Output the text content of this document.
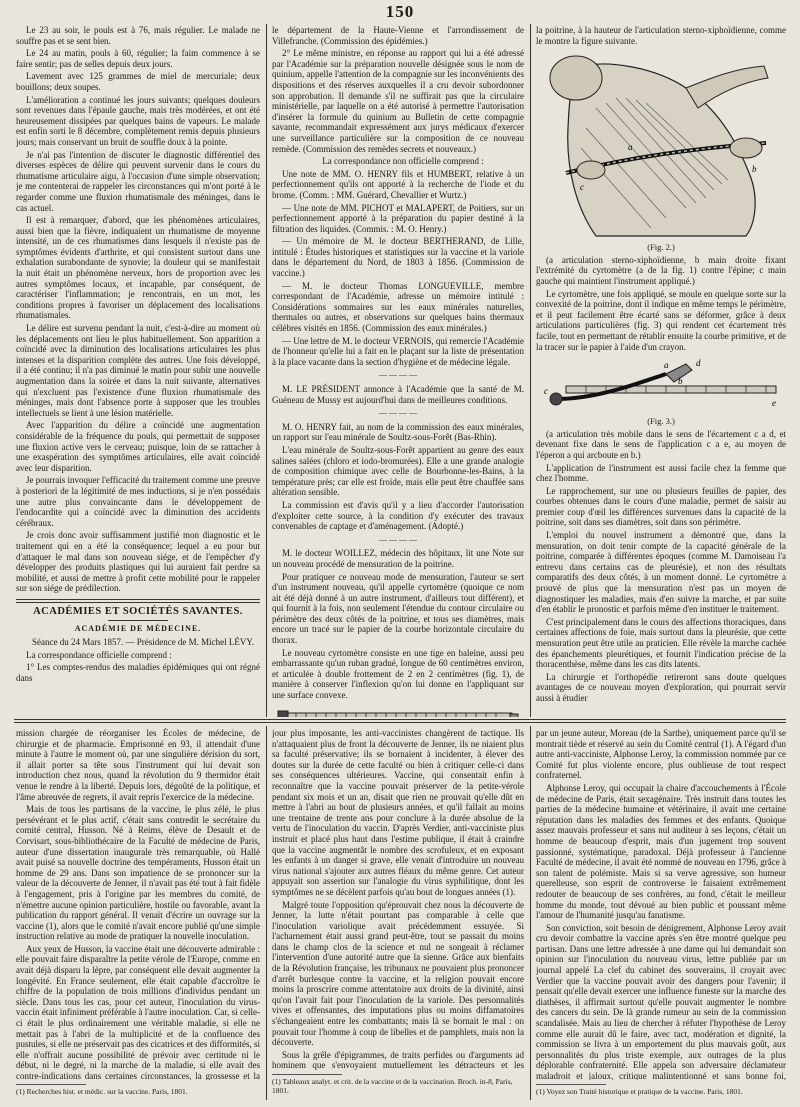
150

Le 23 au soir, le pouls est à 76, mais régulier. Le malade ne souffre pas et se sent bien.

Le 24 au matin, pouls à 60, régulier; la faim commence à se faire sentir; pas de selles depuis deux jours.

Lavement avec 125 grammes de miel de mercuriale; deux bouillons; deux soupes.

L'amélioration a continué les jours suivants; quelques douleurs sont revenues dans l'épaule gauche, mais très modérées, et ont été heureusement dissipées par quelques bains de vapeurs. Le malade est enfin sorti le 8 décembre, complètement remis depuis plusieurs jours; mais conservant un bruit de souffle doux à la pointe.

Je n'ai pas l'intention de discuter le diagnostic différentiel des diverses espèces de délire qui peuvent survenir dans le cours du rhumatisme articulaire aigu, à l'occasion d'une simple observation; je me contenterai de rappeler les circonstances qui m'ont porté à le regarder comme une fluxion rhumatismale des méninges, dans le cas actuel.

Il est à remarquer, d'abord, que les phénomènes articulaires, aussi bien que la fièvre, indiquaient un rhumatisme de moyenne intensité, un de ces rhumatismes dans lesquels il n'existe pas de symptômes évidents d'arthrite, et qui consistent surtout dans une exhalation surabondante de synovie; la douleur qui se manifestait la nuit était un phénomène nerveux, hors de proportion avec les autres symptômes locaux, et incapable, par conséquent, de caractériser l'inflammation; je rencontrais, en un mot, les conditions propres à favoriser un déplacement des localisations rhumatismales.

Le délire est survenu pendant la nuit, c'est-à-dire au moment où les déplacements ont lieu le plus habituellement. Son apparition a coïncidé avec la diminution des localisations articulaires les plus intenses et la disparition complète des autres. Une fois développé, il a été continu; il n'a pas diminué le matin pour subir une nouvelle augmentation dans la soirée et dans la nuit suivante, alternatives qui n'excluent pas l'existence d'une fluxion rhumatismale des méninges, mais dont l'absence porte à supposer que les troubles intellectuels se lient à une lésion matérielle.

Avec l'apparition du délire a coïncidé une augmentation considérable de la fréquence du pouls, qui permettait de supposer une fluxion active vers le cerveau; puisque, loin de se rattacher à une exaspération des symptômes articulaires, elle avait coïncidé avec leur disparition.

Je pourrais invoquer l'efficacité du traitement comme une preuve à posteriori de la légitimité de mes inductions, si je n'en possédais une autre plus convaincante dans le développement de l'endocardite qui a coïncidé avec la diminution des accidents cérébraux.

Je crois donc avoir suffisamment justifié mon diagnostic et le traitement qui en a été la conséquence; lequel a eu pour but d'attaquer le mal dans son nouveau siége, et de l'empêcher d'y développer des produits plastiques qui lui auraient fait perdre sa mobilité, et aussi de mettre à profit cette mobilité pour le rappeler sur son siége de prédilection.

ACADÉMIES ET SOCIÉTÉS SAVANTES.
ACADÉMIE DE MÉDECINE.

Séance du 24 Mars 1857. — Présidence de M. Michel LÉVY.

La correspondance officielle comprend :

1° Les comptes-rendus des maladies épidémiques qui ont régné dans

le département de la Haute-Vienne et l'arrondissement de Villefranche. (Commission des épidémies.)

2° Le même ministre, en réponse au rapport qui lui a été adressé par l'Académie sur la préparation nouvelle désignée sous le nom de quinium, appelle l'attention de la compagnie sur les inconvénients des dispositions et des réserves auxquelles il a cru devoir subordonner son approbation. Il demande s'il ne suffirait pas que la circulaire ministérielle, par laquelle on a été autorisé à permettre l'autorisation d'insérer la formule du quinium au Bulletin de cette compagnie savante, recommandait expressément aux jurys médicaux d'exercer une surveillance particulière sur la composition de ce nouveau remède. (Commission des remèdes secrets et nouveaux.)

La correspondance non officielle comprend :

Une note de MM. O. HENRY fils et HUMBERT, relative à un perfectionnement qu'ils ont apporté à la recherche de l'iode et du brome. (Comm. : MM. Guérard, Chevallier et Wurtz.)

— Une note de MM. PICHOT et MALAPERT, de Poitiers, sur un perfectionnement apporté à la préparation du papier destiné à la filtration des liquides. (Commis. : M. O. Henry.)

— Un mémoire de M. le docteur BERTHERAND, de Lille, intitulé : Études historiques et statistiques sur la vaccine et la variole dans le département du Nord, de 1803 à 1856. (Commission de vaccine.)

— M. le docteur Thomas LONGUEVILLE, membre correspondant de l'Académie, adresse un mémoire intitulé : Considérations sommaires sur les eaux minérales naturelles, thermales ou autres, et observations sur quelques bains thermaux célèbres visités en 1856. (Commission des eaux minérales.)

— Une lettre de M. le docteur VERNOIS, qui remercie l'Académie de l'honneur qu'elle lui a fait en le plaçant sur la liste de présentation à la place vacante dans la section d'hygiène et de médecine légale.

— — — —

M. LE PRÉSIDENT annonce à l'Académie que la santé de M. Guéneau de Mussy est aujourd'hui dans de meilleures conditions.

— — — —

M. O. HENRY fait, au nom de la commission des eaux minérales, un rapport sur l'eau minérale de Soultz-sous-Forêt (Bas-Rhin).

L'eau minérale de Soultz-sous-Forêt appartient au genre des eaux salines salées (chloro et iodo-bromurées). Elle a une grande analogie de composition chimique avec celle de Bourbonne-les-Bains, à la température près; car elle est froide, mais elle peut être chauffée sans altération sensible.

La commission est d'avis qu'il y a lieu d'accorder l'autorisation d'exploiter cette source, à la condition d'y exécuter des travaux convenables de captage et d'aménagement. (Adopté.)

— — — —

M. le docteur WOILLEZ, médecin des hôpitaux, lit une Note sur un nouveau procédé de mensuration de la poitrine.

Pour pratiquer ce nouveau mode de mensuration, l'auteur se sert d'un instrument nouveau, qu'il appelle cyrtomètre (quoique ce nom ait été déjà donné à un autre instrument, d'ailleurs tout différent), et qui fournit à la fois, non seulement l'étendue du contour circulaire ou périmètre des deux côtés de la poitrine, et tous ses diamètres, mais encore un tracé sur le papier de la courbe horizontale circulaire du thorax.

Le nouveau cyrtomètre consiste en une tige en baleine, aussi peu embarrassante qu'un ruban gradué, longue de 60 centimètres environ, et articulée à double frottement de 2 en 2 centimètres (fig. 1), de manière à conserver l'inflexion qu'on lui donne en l'appliquant sur une surface convexe.

la poitrine, à la hauteur de l'articulation sterno-xiphoïdienne, comme le montre la figure suivante.

a
b
c
(Fig. 2.)

(a articulation sterno-xiphoïdienne, b main droite fixant l'extrémité du cyrtomètre (a de la fig. 1) contre l'épine; c main gauche qui maintient l'instrument appliqué.)

Le cyrtomètre, une fois appliqué, se moule en quelque sorte sur la convexité de la poitrine, dont il indique en même temps le périmètre, et il peut facilement être écarté sans se déformer, grâce à deux articulations particulières (fig. 3) qui rendent cet écartement très facile, tout en permettant de rétablir ensuite la courbe primitive, et de la tracer sur le papier à l'aide d'un crayon.

c
a	d
b
e
(Fig. 3.)

(a articulation très mobile dans le sens de l'écartement c a d, et devenant fixe dans le sens de l'application c a e, au moyen de l'éperon a qui arcboute en b.)

L'application de l'instrument est aussi facile chez la femme que chez l'homme.

Le rapprochement, sur une ou plusieurs feuilles de papier, des courbes obtenues dans le cours d'une maladie, permet de saisir au premier coup d'œil les différences survenues dans la capacité de la poitrine, soit dans ses diamètres, soit dans son périmètre.

L'emploi du nouvel instrument a démontré que, dans la mensuration, on doit tenir compte de la capacité générale de la poitrine, comparée à différentes époques (comme M. Damoiseau l'a entrevu dans certains cas de pleurésie), et non des résultats comparatifs des deux côtés, à un moment donné. Le cyrtomètre a prouvé de plus que la mensuration n'est pas un moyen de diagnostiquer les maladies, mais d'en suivre la marche, et par suite d'en établir le pronostic et parfois même d'en instituer le traitement.

C'est principalement dans le cours des affections thoraciques, dans certaines affections de foie, mais surtout dans la pleurésie, que cette mensuration peut être utile au praticien. Elle révèle la marche cachée des épanchements pleurétiques, et fournit l'indication précise de la thoracenthèse, même dans les cas dits latents.

La chirurgie et l'orthopédie retireront sans doute quelques avantages de ce nouveau moyen d'exploration, qui pourrait servir aussi à étudier

mission chargée de réorganiser les Écoles de médecine, de chirurgie et de pharmacie. Emprisonné en 93, il attendait d'une minute à l'autre le moment où, par une singulière dérision du sort, il allait porter sa tête sous l'instrument qui lui devait son introduction chez nous, quand la révolution du 9 thermidor était venue le rendre à la liberté. Depuis lors, dégoûté de la politique, et l'âme abreuvée de regrets, il avait repris l'exercice de la médecine.

Mais de tous les partisans de la vaccine, le plus zélé, le plus persévérant et le plus actif, c'était sans contredit le secrétaire du comité central, Husson. Né à Reims, élève de Desault et de Corvisart, sous-bibliothécaire de la Faculté de médecine de Paris, auteur d'une dissertation inaugurale très remarquable, où Hallé avait puisé sa nouvelle doctrine des tempéraments, Husson était un homme de 29 ans. Dans son impatience de se prononcer sur la valeur de la découverte de Jenner, il n'avait pas été tout à fait fidèle à l'engagement, pris à l'origine par les membres du comité, de n'émettre aucune opinion particulière, hostile ou favorable, avant la publication du rapport général. Il venait d'écrire un ouvrage sur la vaccine (1), alors que le comité n'avait encore publié qu'une simple instruction relative au mode de pratiquer la nouvelle inoculation.

Aux yeux de Husson, la vaccine était une découverte admirable : elle pouvait faire disparaître la petite vérole de l'Europe, comme en avait déjà disparu la lèpre, par conséquent elle devait augmenter la longévité. En France seulement, elle était capable d'accroître le chiffre de la population de trois millions d'individus pendant un siècle. Dans tous les cas, pour cet auteur, l'inoculation du virus-vaccin était infiniment préférable à l'autre inoculation. Car, si celle-ci était le plus ordinairement une véritable maladie, si elle ne mettait pas à l'abri de la multiplicité et de la confluence des pustules, si elle ne préservait pas des cicatrices et des difformités, si elle n'offrait aucune possibilité de prévoir avec certitude ni le début, ni le degré, ni la marche de la maladie, si elle avait des contre-indications dans certaines circonstances, la grossesse et la

(1) Recherches hist. et médic. sur la vaccine. Paris, 1801.

jour plus imposante, les anti-vaccinistes changèrent de tactique. Ils n'attaquaient plus de front la découverte de Jenner, ils ne niaient plus sa faculté préservative; ils se bornaient à incidenter, à élever des doutes sur la durée de cette faculté ou bien à critiquer celle-ci dans ses conséquences ultérieures. Vaccine, qui consentait enfin à reconnaître que la vaccine pouvait préserver de la petite-vérole pendant six mois et un an, disait que rien ne prouvait qu'elle dût en mettre à l'abri au bout de plusieurs années, et qu'il fallait au moins une trentaine de trente ans pour conclure à la durée absolue de la vertu de l'inoculation du vaccin. D'après Verdier, anti-vacciniste plus instruit et placé plus haut dans l'estime publique, il était à craindre que la vaccine augmentât le nombre des scrofuleux, et en exposant les enfants à un danger si grave, elle venait d'introduire un nouveau virus national s'ajouter aux autres fléaux du même genre. Cet auteur appuyait son assertion sur l'analogie du virus syphilitique, dont les symptômes ne se décèlent parfois qu'au bout de longues années (1).

Malgré toute l'opposition qu'éprouvait chez nous la découverte de Jenner, la lutte n'était pourtant pas comparable à celle que l'inoculation variolique avait précédemment essuyée. Si l'acharnement était aussi grand peut-être, tout se passait du moins dans le champ clos de la science et nul ne songeait à réclamer l'intervention d'une autorité autre que la sienne. Grâce aux bienfaits de la Révolution française, les tribunaux ne pouvaient plus prononcer d'arrêt burlesque contre la vaccine, et la religion pouvait encore moins la proscrire comme attentatoire aux droits de la divinité, ainsi qu'on l'avait fait pour l'inoculation de la variole. Des personnalités vives et offensantes, des imputations plus ou moins diffamatoires s'échangeaient entre les combattants; mais là se bornait le mal : on pouvait tour l'homme à coup de libelles et de pamphlets, mais non la découverte.

Sous la grêle d'épigrammes, de traits perfides ou d'arguments ad hominem que s'envoyaient mutuellement les détracteurs et les

(1) Tableaux analyt. et crit. de la vaccine et de la vaccination. Broch. in-8, Paris, 1801.

par un jeune auteur, Moreau (de la Sarthe), uniquement parce qu'il se montrait tiède et réservé au sein du Comité central (1). A l'égard d'un autre anti-vacciniste, Alphonse Leroy, la commission nommée par ce Comité fut plus violente encore, plus oublieuse de tout respect confraternel.

Alphonse Leroy, qui occupait la chaire d'accouchements à l'École de médecine de Paris, était sexagénaire. Très instruit dans toutes les parties de la médecine humaine et vétérinaire, il avait une certaine réputation dans les maladies des femmes et des enfants. Quoique assez mauvais professeur et sans nul auditeur à ses leçons, c'était un homme de beaucoup d'esprit, mais d'un jugement trop souvent passionné, systématique, paradoxal. Déjà professeur à l'ancienne Faculté de médecine, il avait été nommé de nouveau en 1796, grâce à son talent de polémiste. Mais si sa verve agressive, son humeur querelleuse, son esprit de controverse le faisaient extrêmement redouter de beaucoup de ses confrères, au fond, c'était le meilleur homme du monde, tout dévoué au bien public et poussant même l'amour de l'humanité jusqu'au fanatisme.

Son conviction, soit besoin de dénigrement, Alphonse Leroy avait cru devoir combattre la vaccine après s'en être montré quelque peu partisan. Dans une lettre adressée à une dame qui lui demandait son opinion sur l'inoculation du nouveau virus, lettre publiée par un journal appelé La clef du cabinet des souverains, il croyait avec Verdier que la vaccine pouvait avoir des dangers pour l'avenir; il pensait qu'elle devait exercer une influence funeste sur la marche des diathèses, il affirmait surtout qu'elle pouvait augmenter le nombre des cancers du sein. De là grande rumeur au sein de la commission scandalisée. Mais au lieu de chercher à réfuter l'hypothèse de Leroy comme elle aurait dû le faire, avec tact, modération et dignité, la commission se livra à un emportement du plus mauvais goût, aux personnalités du plus triste exemple, aux outrages de la plus déplorable confraternité. Elle appela son adversaire déclamateur maladroit et jaloux, critique malintentionné et sans bonne foi,

(1) Voyez son Traité historique et pratique de la vaccine. Paris, 1801.
